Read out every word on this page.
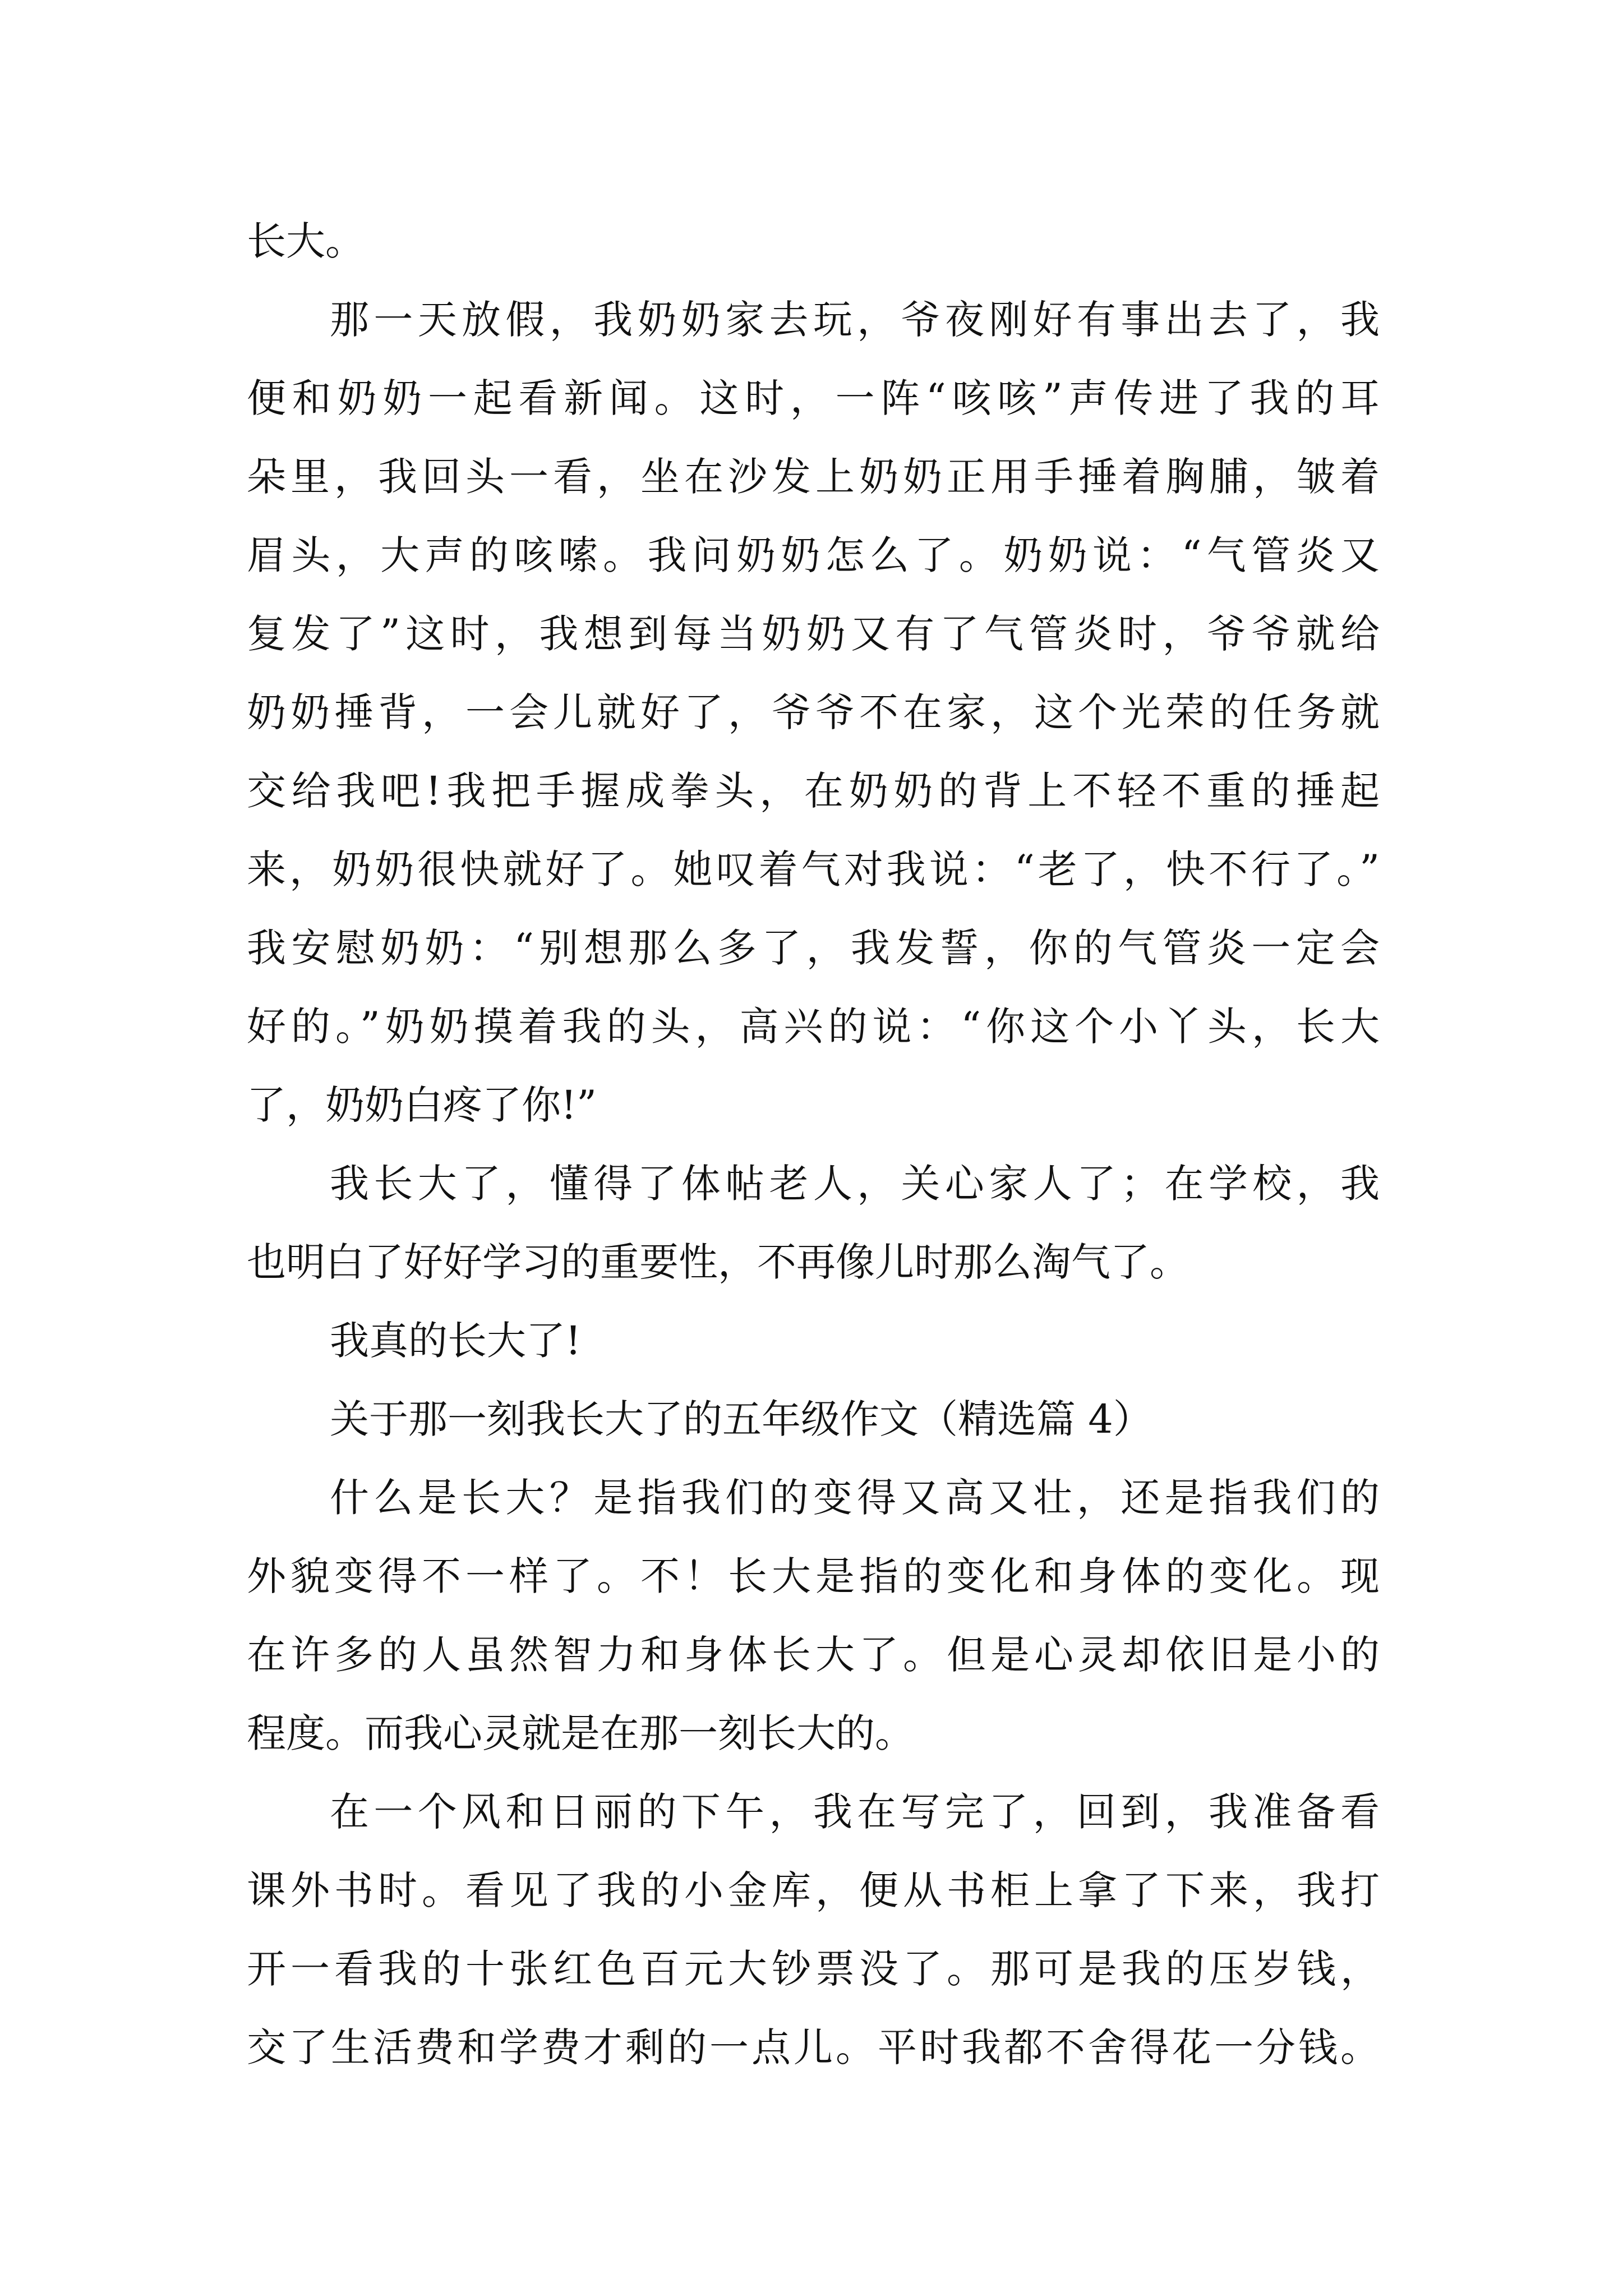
长大。
那一天放假，我奶奶家去玩，爷夜刚好有事出去了，我
便和奶奶一起看新闻。这时，一阵“咳咳”声传进了我的耳
朵里，我回头一看，坐在沙发上奶奶正用手捶着胸脯，皱着
眉头，大声的咳嗦。我问奶奶怎么了。奶奶说：“气管炎又
复发了”这时，我想到每当奶奶又有了气管炎时，爷爷就给
奶奶捶背，一会儿就好了，爷爷不在家，这个光荣的任务就
交给我吧!我把手握成拳头，在奶奶的背上不轻不重的捶起
来，奶奶很快就好了。她叹着气对我说：“老了，快不行了。”
我安慰奶奶：“别想那么多了，我发誓，你的气管炎一定会
好的。”奶奶摸着我的头，高兴的说：“你这个小丫头，长大
了，奶奶白疼了你!”
我长大了，懂得了体帖老人，关心家人了；在学校，我
也明白了好好学习的重要性，不再像儿时那么淘气了。
我真的长大了!
关于那一刻我长大了的五年级作文（精选篇 4）
什么是长大？是指我们的变得又高又壮，还是指我们的
外貌变得不一样了。不！长大是指的变化和身体的变化。现
在许多的人虽然智力和身体长大了。但是心灵却依旧是小的
程度。而我心灵就是在那一刻长大的。
在一个风和日丽的下午，我在写完了，回到，我准备看
课外书时。看见了我的小金库，便从书柜上拿了下来，我打
开一看我的十张红色百元大钞票没了。那可是我的压岁钱，
交了生活费和学费才剩的一点儿。平时我都不舍得花一分钱。
